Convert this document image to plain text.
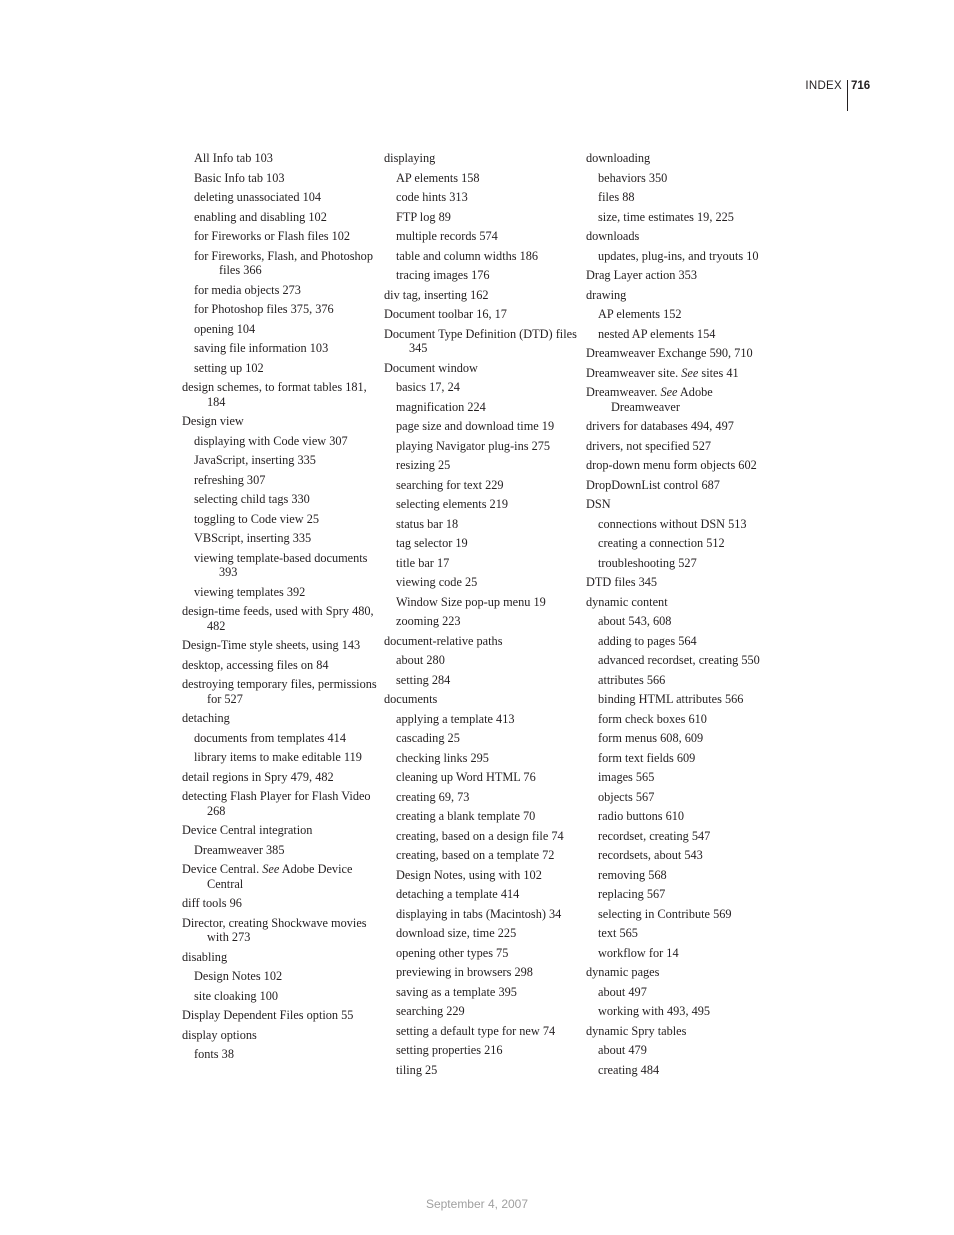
INDEX 716
All Info tab 103
Basic Info tab 103
deleting unassociated 104
enabling and disabling 102
for Fireworks or Flash files 102
for Fireworks, Flash, and Photoshop files 366
for media objects 273
for Photoshop files 375, 376
opening 104
saving file information 103
setting up 102
design schemes, to format tables 181, 184
Design view
displaying with Code view 307
JavaScript, inserting 335
refreshing 307
selecting child tags 330
toggling to Code view 25
VBScript, inserting 335
viewing template-based documents 393
viewing templates 392
design-time feeds, used with Spry 480, 482
Design-Time style sheets, using 143
desktop, accessing files on 84
destroying temporary files, permissions for 527
detaching
documents from templates 414
library items to make editable 119
detail regions in Spry 479, 482
detecting Flash Player for Flash Video 268
Device Central integration
Dreamweaver 385
Device Central. See Adobe Device Central
diff tools 96
Director, creating Shockwave movies with 273
disabling
Design Notes 102
site cloaking 100
Display Dependent Files option 55
display options
fonts 38
displaying
AP elements 158
code hints 313
FTP log 89
multiple records 574
table and column widths 186
tracing images 176
div tag, inserting 162
Document toolbar 16, 17
Document Type Definition (DTD) files 345
Document window
basics 17, 24
magnification 224
page size and download time 19
playing Navigator plug-ins 275
resizing 25
searching for text 229
selecting elements 219
status bar 18
tag selector 19
title bar 17
viewing code 25
Window Size pop-up menu 19
zooming 223
document-relative paths
about 280
setting 284
documents
applying a template 413
cascading 25
checking links 295
cleaning up Word HTML 76
creating 69, 73
creating a blank template 70
creating, based on a design file 74
creating, based on a template 72
Design Notes, using with 102
detaching a template 414
displaying in tabs (Macintosh) 34
download size, time 225
opening other types 75
previewing in browsers 298
saving as a template 395
searching 229
setting a default type for new 74
setting properties 216
tiling 25
downloading
behaviors 350
files 88
size, time estimates 19, 225
downloads
updates, plug-ins, and tryouts 10
Drag Layer action 353
drawing
AP elements 152
nested AP elements 154
Dreamweaver Exchange 590, 710
Dreamweaver site. See sites 41
Dreamweaver. See Adobe Dreamweaver
drivers for databases 494, 497
drivers, not specified 527
drop-down menu form objects 602
DropDownList control 687
DSN
connections without DSN 513
creating a connection 512
troubleshooting 527
DTD files 345
dynamic content
about 543, 608
adding to pages 564
advanced recordset, creating 550
attributes 566
binding HTML attributes 566
form check boxes 610
form menus 608, 609
form text fields 609
images 565
objects 567
radio buttons 610
recordset, creating 547
recordsets, about 543
removing 568
replacing 567
selecting in Contribute 569
text 565
workflow for 14
dynamic pages
about 497
working with 493, 495
dynamic Spry tables
about 479
creating 484
September 4, 2007
